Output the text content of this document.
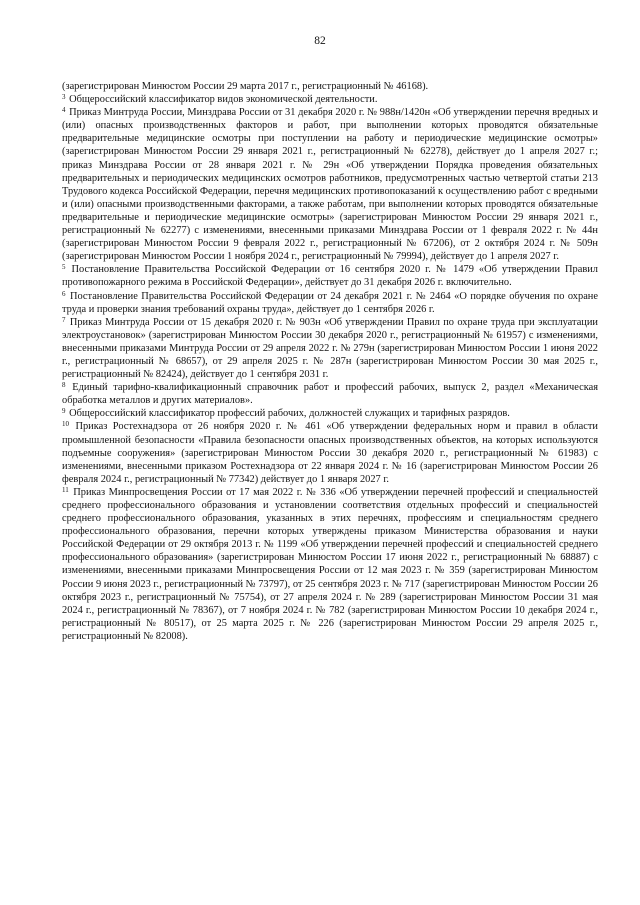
82

(зарегистрирован Минюстом России 29 марта 2017 г., регистрационный № 46168).

$^3$ Общероссийский классификатор видов экономической деятельности.

$^4$ Приказ Минтруда России, Минздрава России от 31 декабря 2020 г. № 988н/1420н «Об утверждении перечня вредных и (или) опасных производственных факторов и работ, при выполнении которых проводятся обязательные предварительные медицинские осмотры при поступлении на работу и периодические медицинские осмотры» (зарегистрирован Минюстом России 29 января 2021 г., регистрационный № 62278), действует до 1 апреля 2027 г.; приказ Минздрава России от 28 января 2021 г. № 29н «Об утверждении Порядка проведения обязательных предварительных и периодических медицинских осмотров работников, предусмотренных частью четвертой статьи 213 Трудового кодекса Российской Федерации, перечня медицинских противопоказаний к осуществлению работ с вредными и (или) опасными производственными факторами, а также работам, при выполнении которых проводятся обязательные предварительные и периодические медицинские осмотры» (зарегистрирован Минюстом России 29 января 2021 г., регистрационный № 62277) с изменениями, внесенными приказами Минздрава России от 1 февраля 2022 г. № 44н (зарегистрирован Минюстом России 9 февраля 2022 г., регистрационный № 67206), от 2 октября 2024 г. № 509н (зарегистрирован Минюстом России 1 ноября 2024 г., регистрационный № 79994), действует до 1 апреля 2027 г.

$^5$ Постановление Правительства Российской Федерации от 16 сентября 2020 г. № 1479 «Об утверждении Правил противопожарного режима в Российской Федерации», действует до 31 декабря 2026 г. включительно.

$^6$ Постановление Правительства Российской Федерации от 24 декабря 2021 г. № 2464 «О порядке обучения по охране труда и проверки знания требований охраны труда», действует до 1 сентября 2026 г.

$^7$ Приказ Минтруда России от 15 декабря 2020 г. № 903н «Об утверждении Правил по охране труда при эксплуатации электроустановок» (зарегистрирован Минюстом России 30 декабря 2020 г., регистрационный № 61957) с изменениями, внесенными приказами Минтруда России от 29 апреля 2022 г. № 279н (зарегистрирован Минюстом России 1 июня 2022 г., регистрационный № 68657), от 29 апреля 2025 г. № 287н (зарегистрирован Минюстом России 30 мая 2025 г., регистрационный № 82424), действует до 1 сентября 2031 г.

$^8$ Единый тарифно-квалификационный справочник работ и профессий рабочих, выпуск 2, раздел «Механическая обработка металлов и других материалов».

$^9$ Общероссийский классификатор профессий рабочих, должностей служащих и тарифных разрядов.

$^{10}$ Приказ Ростехнадзора от 26 ноября 2020 г. № 461 «Об утверждении федеральных норм и правил в области промышленной безопасности «Правила безопасности опасных производственных объектов, на которых используются подъемные сооружения» (зарегистрирован Минюстом России 30 декабря 2020 г., регистрационный № 61983) с изменениями, внесенными приказом Ростехнадзора от 22 января 2024 г. № 16 (зарегистрирован Минюстом России 26 февраля 2024 г., регистрационный № 77342) действует до 1 января 2027 г.

$^{11}$ Приказ Минпросвещения России от 17 мая 2022 г. № 336 «Об утверждении перечней профессий и специальностей среднего профессионального образования и установлении соответствия отдельных профессий и специальностей среднего профессионального образования, указанных в этих перечнях, профессиям и специальностям среднего профессионального образования, перечни которых утверждены приказом Министерства образования и науки Российской Федерации от 29 октября 2013 г. № 1199 «Об утверждении перечней профессий и специальностей среднего профессионального образования» (зарегистрирован Минюстом России 17 июня 2022 г., регистрационный № 68887) с изменениями, внесенными приказами Минпросвещения России от 12 мая 2023 г. № 359 (зарегистрирован Минюстом России 9 июня 2023 г., регистрационный № 73797), от 25 сентября 2023 г. № 717 (зарегистрирован Минюстом России 26 октября 2023 г., регистрационный № 75754), от 27 апреля 2024 г. № 289 (зарегистрирован Минюстом России 31 мая 2024 г., регистрационный № 78367), от 7 ноября 2024 г. № 782 (зарегистрирован Минюстом России 10 декабря 2024 г., регистрационный № 80517), от 25 марта 2025 г. № 226 (зарегистрирован Минюстом России 29 апреля 2025 г., регистрационный № 82008).
